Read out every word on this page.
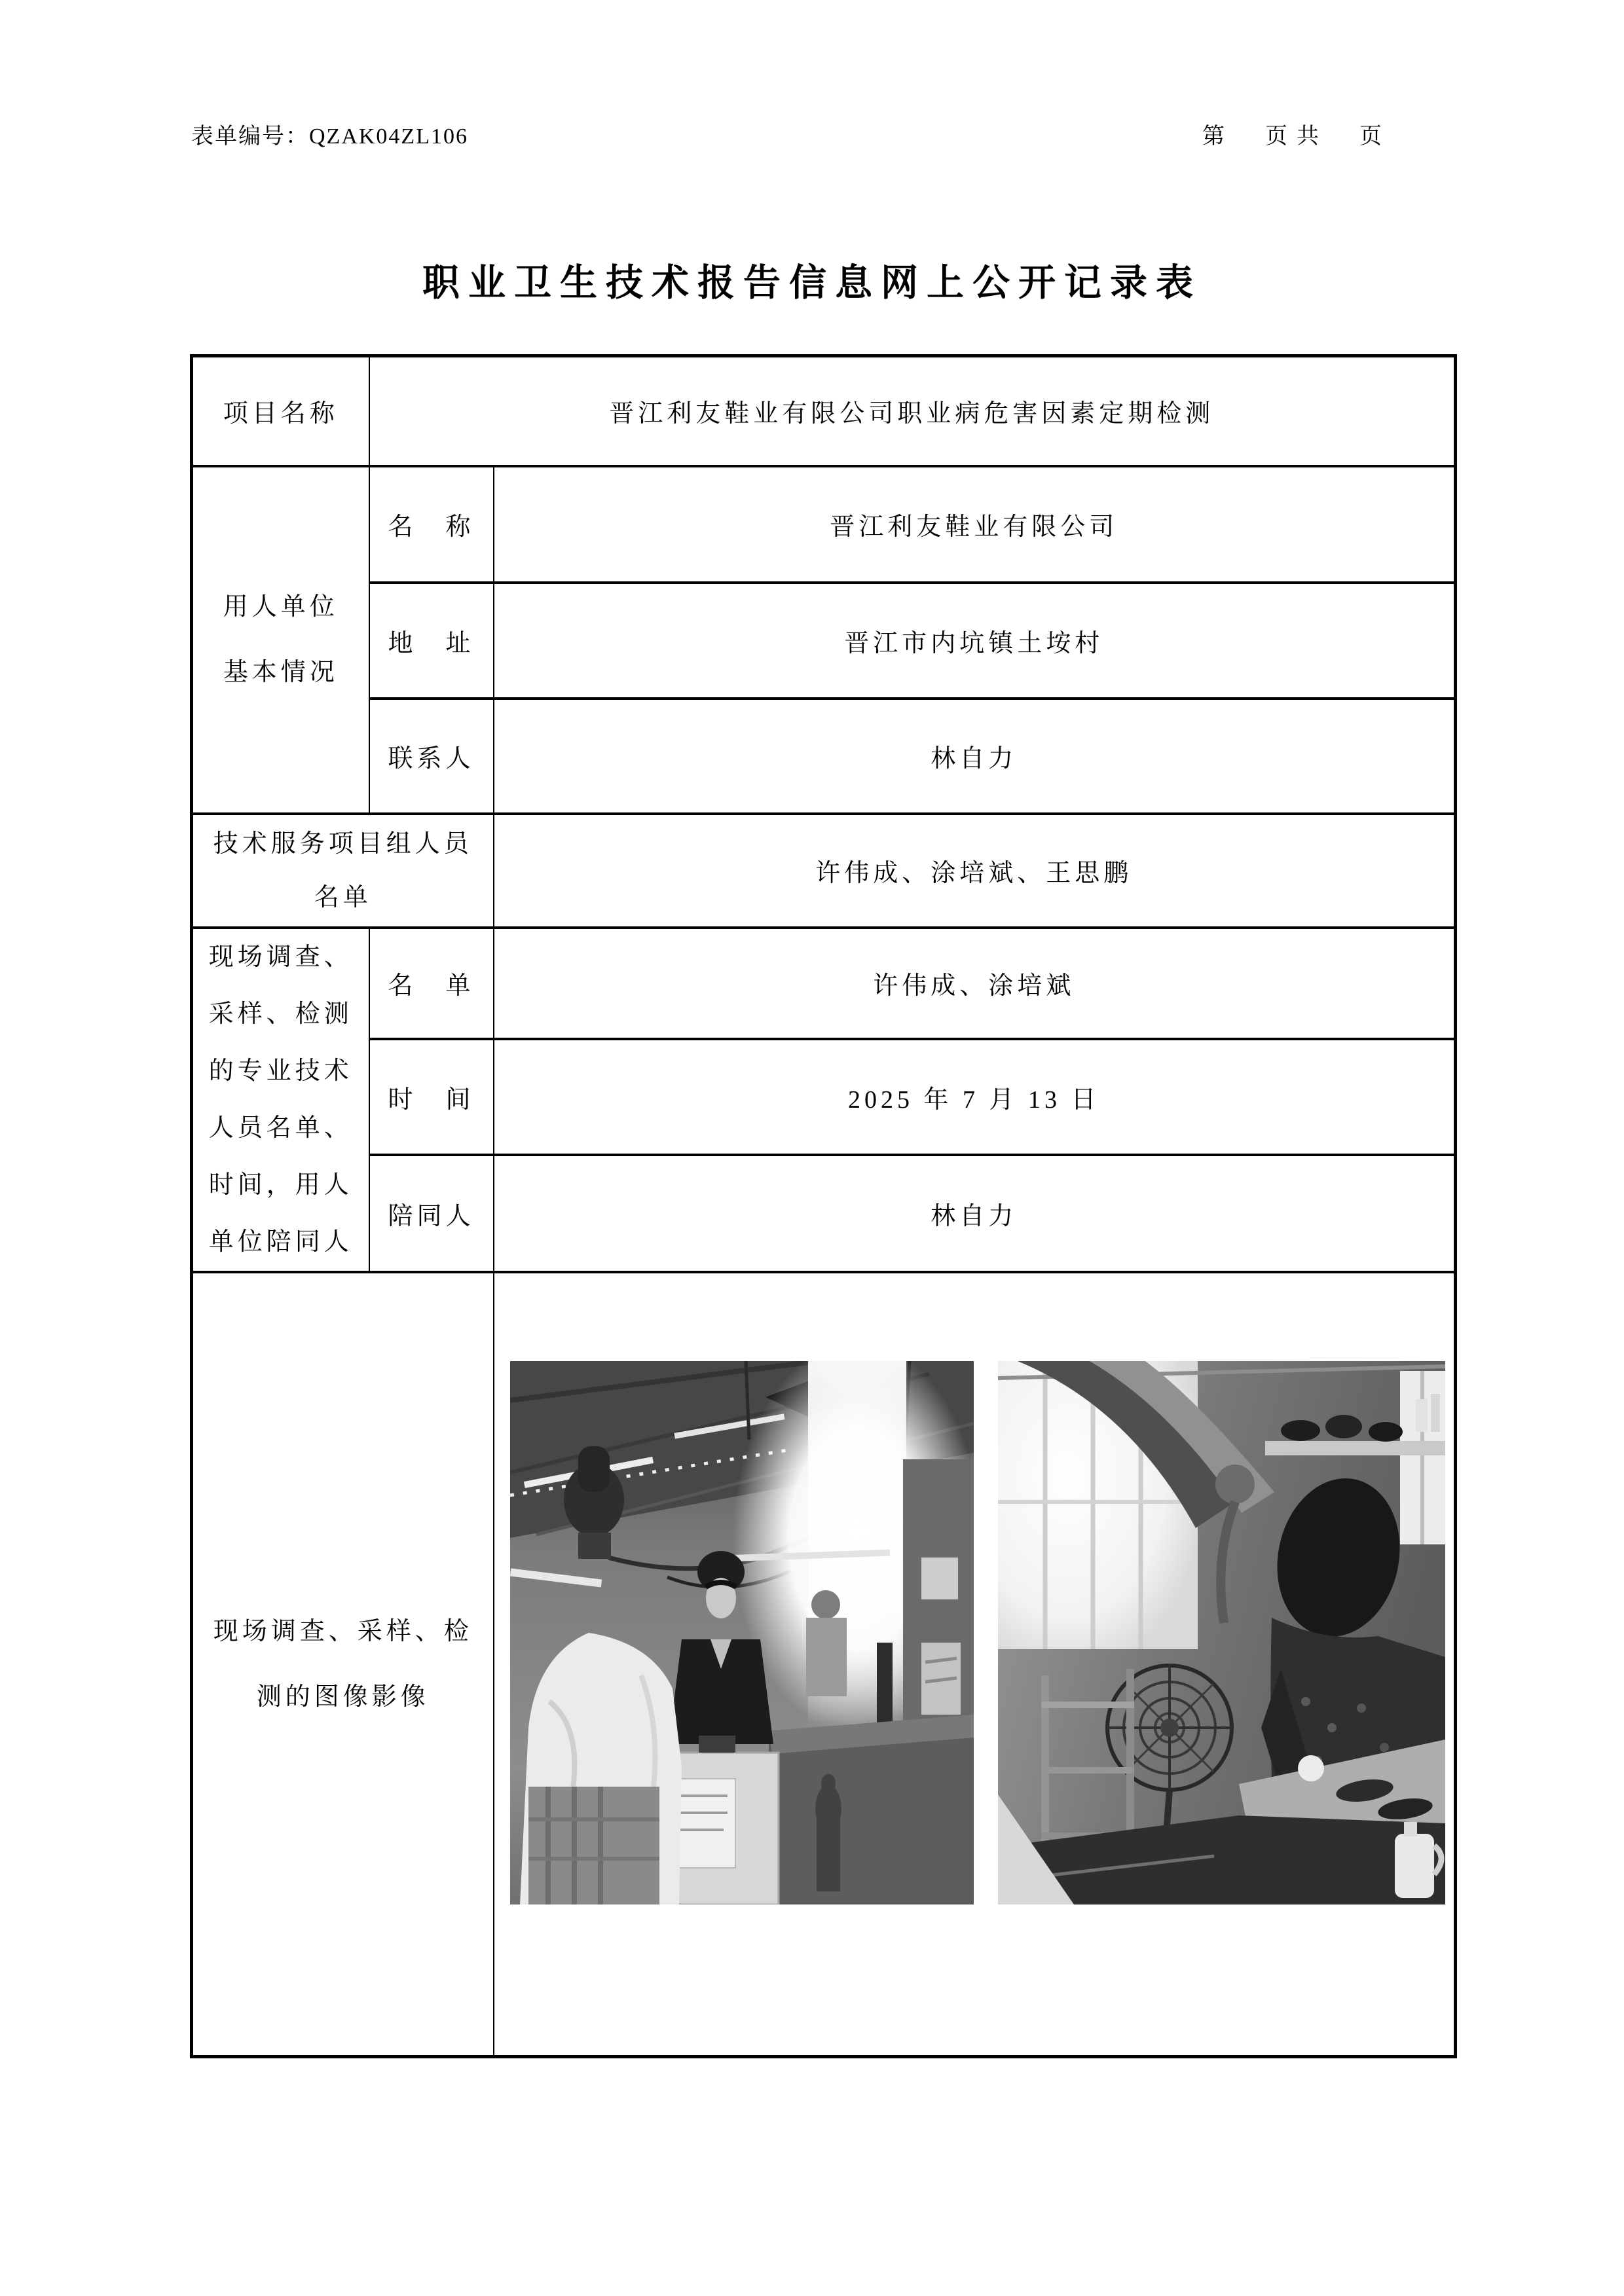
表单编号：QZAK04ZL106	第　页共　页
职业卫生技术报告信息网上公开记录表
项目名称	晋江利友鞋业有限公司职业病危害因素定期检测	

用人单位
基本情况	名　称	晋江利友鞋业有限公司
	地　址	晋江市内坑镇土垵村
	联系人	林自力

技术服务项目组人员
名单		许伟成、涂培斌、王思鹏

现场调查、
采样、检测
的专业技术
人员名单、
时间，用人
单位陪同人
	名　单	许伟成、涂培斌
	时　间	2025 年 7 月 13 日
	陪同人	林自力

现场调查、采样、检
测的图像影像
